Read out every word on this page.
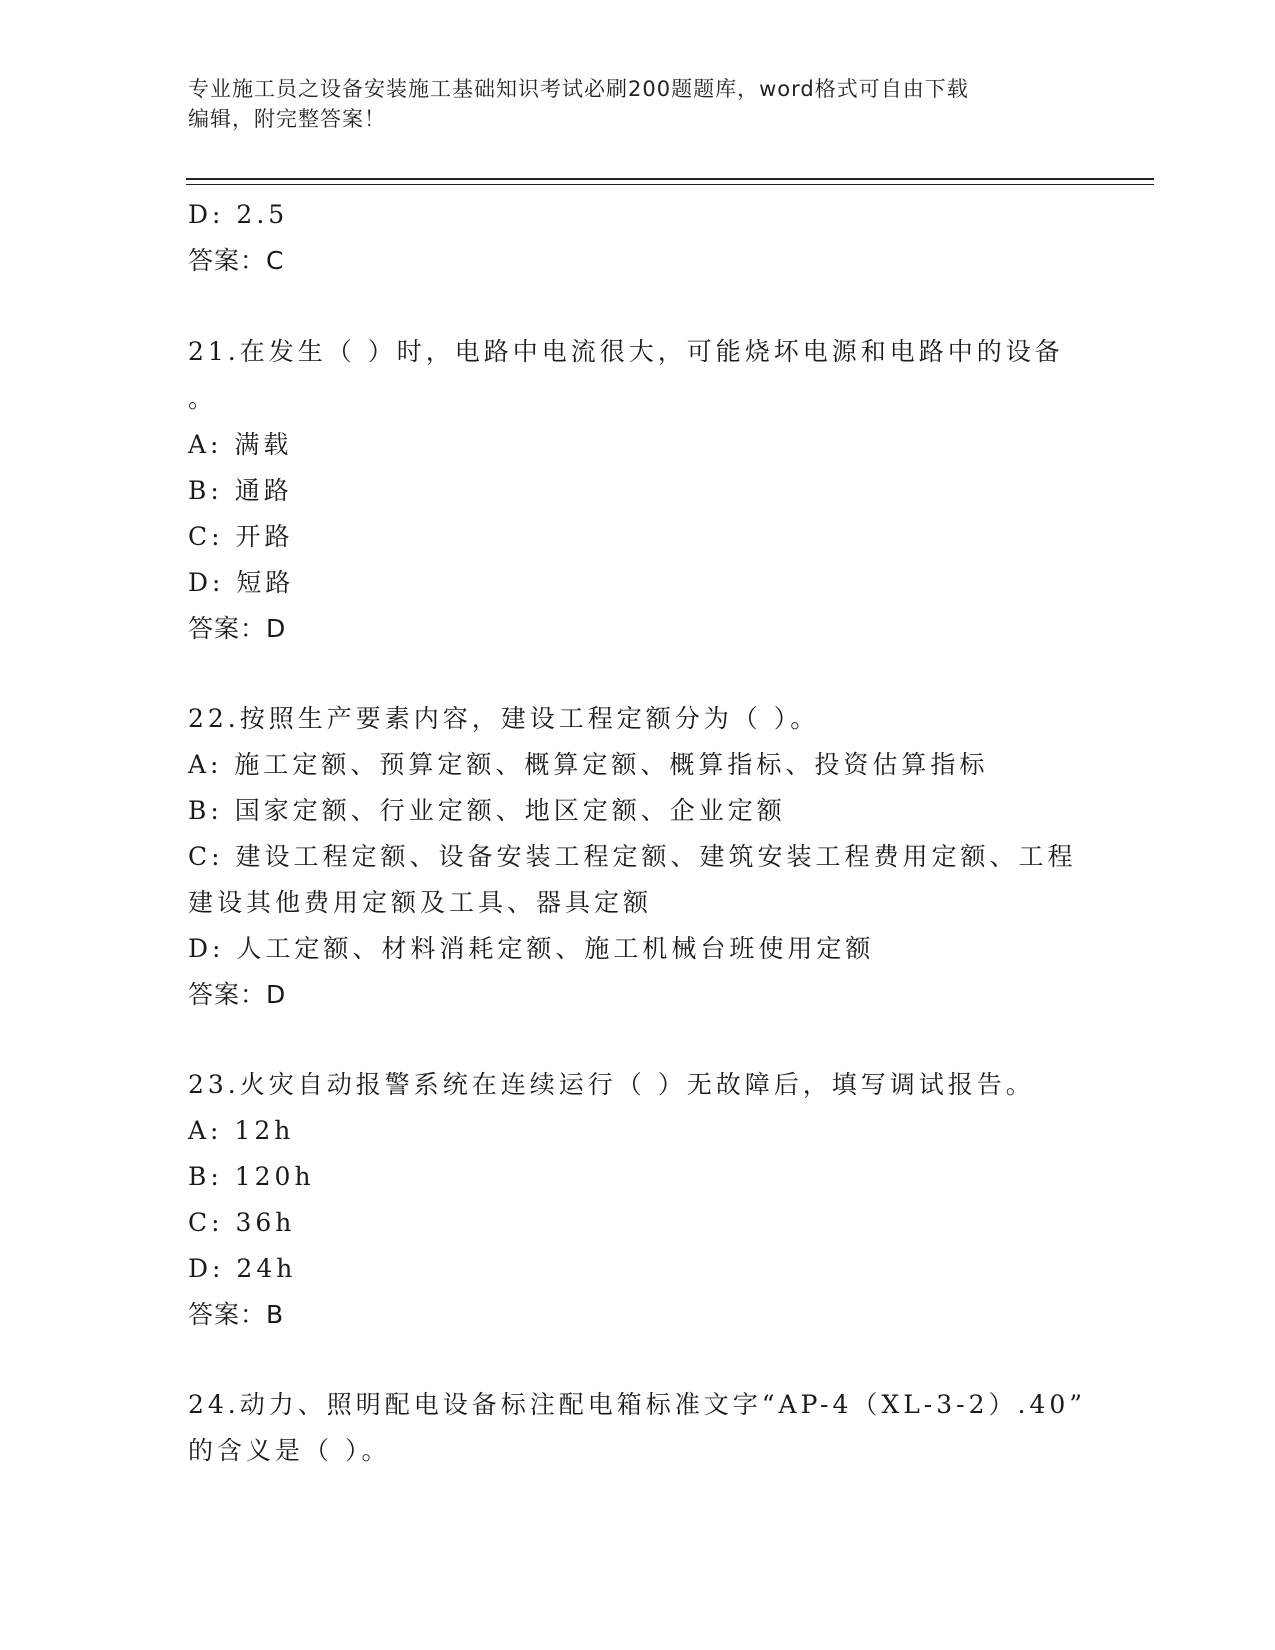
专业施工员之设备安装施工基础知识考试必刷200题题库，word格式可自由下载
编辑，附完整答案！
D: 2.5
答案：C
21.在发生（ ）时，电路中电流很大，可能烧坏电源和电路中的设备
。
A: 满载
B: 通路
C: 开路
D: 短路
答案：D
22.按照生产要素内容，建设工程定额分为（ ）。
A: 施工定额、预算定额、概算定额、概算指标、投资估算指标
B: 国家定额、行业定额、地区定额、企业定额
C: 建设工程定额、设备安装工程定额、建筑安装工程费用定额、工程
建设其他费用定额及工具、器具定额
D: 人工定额、材料消耗定额、施工机械台班使用定额
答案：D
23.火灾自动报警系统在连续运行（ ）无故障后，填写调试报告。
A: 12h
B: 120h
C: 36h
D: 24h
答案：B
24.动力、照明配电设备标注配电箱标准文字“AP-4（XL-3-2）.40”
的含义是（ ）。
